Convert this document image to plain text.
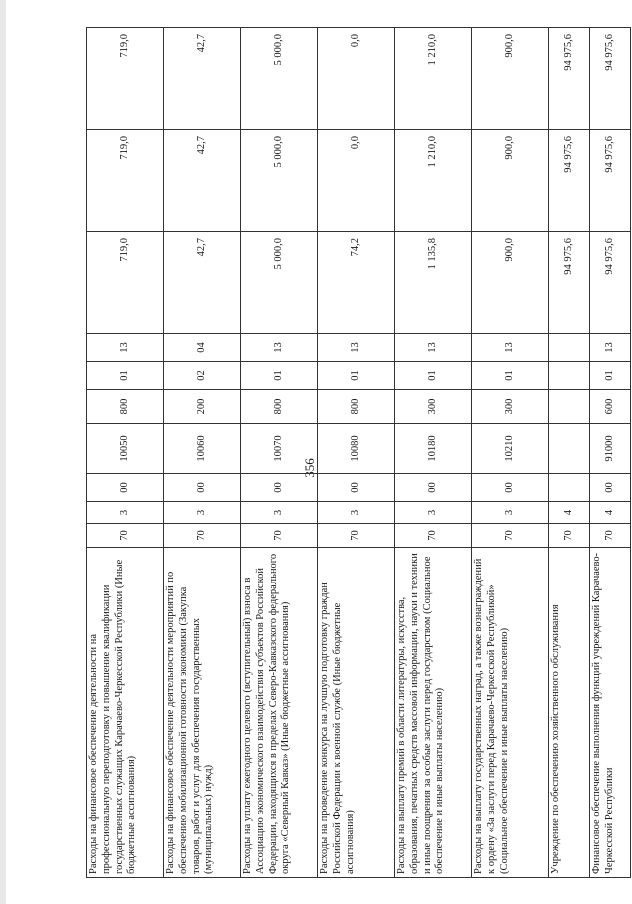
356
Расходы на финансовое обеспечение деятельности на профессиональную переподготовку и повышение квалификации государственных служащих Карачаево-Черкесской Республики (Иные бюджетные ассигнования)	70	3	00	10050	800	01	13	719,0	719,0	719,0
Расходы на финансовое обеспечение деятельности мероприятий по обеспечению мобилизационной готовности экономики (Закупка товаров, работ и услуг для обеспечения государственных (муниципальных) нужд)	70	3	00	10060	200	02	04	42,7	42,7	42,7
Расходы на уплату ежегодного целевого (вступительный) взноса в Ассоциацию экономического взаимодействия субъектов Российской Федерации, находящихся в пределах Северо-Кавказского федерального округа «Северный Кавказ» (Иные бюджетные ассигнования)	70	3	00	10070	800	01	13	5 000,0	5 000,0	5 000,0
Расходы на проведение конкурса на лучшую подготовку граждан Российской Федерации к военной службе (Иные бюджетные ассигнования)	70	3	00	10080	800	01	13	74,2	0,0	0,0
Расходы на выплату премий в области литературы, искусства, образования, печатных средств массовой информации, науки и техники и иные поощрения за особые заслуги перед государством (Социальное обеспечение и иные выплаты населению)	70	3	00	10180	300	01	13	1 135,8	1 210,0	1 210,0
Расходы на выплату государственных наград, а также вознаграждений к ордену «За заслуги перед Карачаево-Черкесской Республикой» (Социальное обеспечение и иные выплаты населению)	70	3	00	10210	300	01	13	900,0	900,0	900,0
Учреждение по обеспечению хозяйственного обслуживания	70	4						94 975,6	94 975,6	94 975,6
Финансовое обеспечение выполнения функций учреждений Карачаево-Черкесской Республики	70	4	00	91000	600	01	13	94 975,6	94 975,6	94 975,6
